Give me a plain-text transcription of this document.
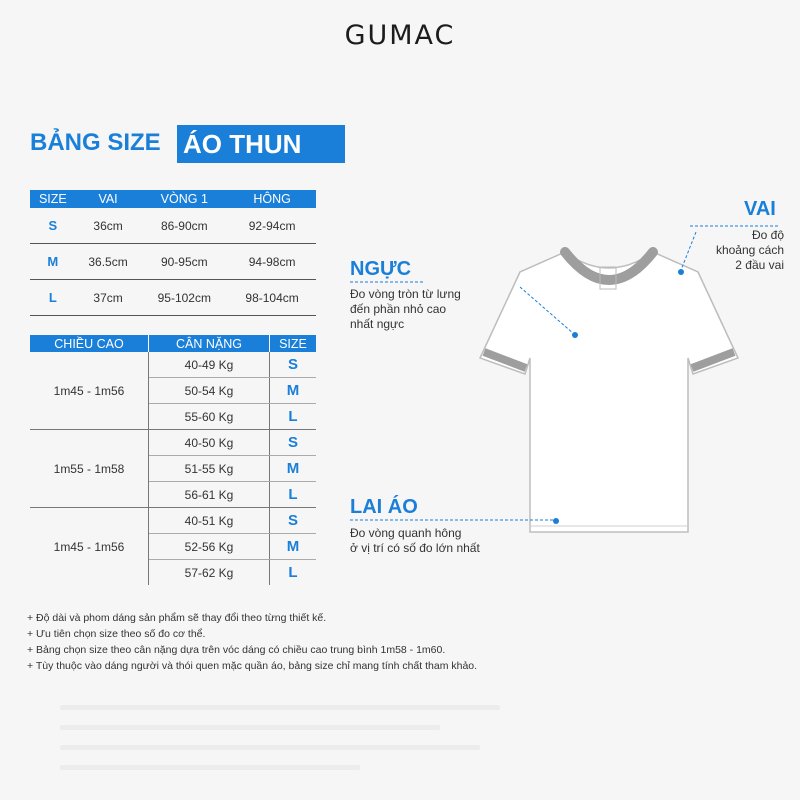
GUMAC
BẢNG SIZE ÁO THUN
SIZE	VAI	VÒNG 1	HÔNG
S	36cm	86-90cm	92-94cm
M	36.5cm	90-95cm	94-98cm
L	37cm	95-102cm	98-104cm
CHIỀU CAO	CÂN NẶNG	SIZE
1m45 - 1m56	40-49 Kg	S
	50-54 Kg	M
	55-60 Kg	L
1m55 - 1m58	40-50 Kg	S
	51-55 Kg	M
	56-61 Kg	L
1m45 - 1m56	40-51 Kg	S
	52-56 Kg	M
	57-62 Kg	L
+ Độ dài và phom dáng sản phẩm sẽ thay đổi theo từng thiết kế.
+ Ưu tiên chọn size theo số đo cơ thể.
+ Bảng chọn size theo cân nặng dựa trên vóc dáng có chiều cao trung bình 1m58 - 1m60.
+ Tùy thuộc vào dáng người và thói quen mặc quần áo, bảng size chỉ mang tính chất tham khảo.
VAI
Đo độ
khoảng cách
2 đầu vai
NGỰC
Đo vòng tròn từ lưng
đến phần nhỏ cao
nhất ngực
LAI ÁO
Đo vòng quanh hông
ở vị trí có số đo lớn nhất
